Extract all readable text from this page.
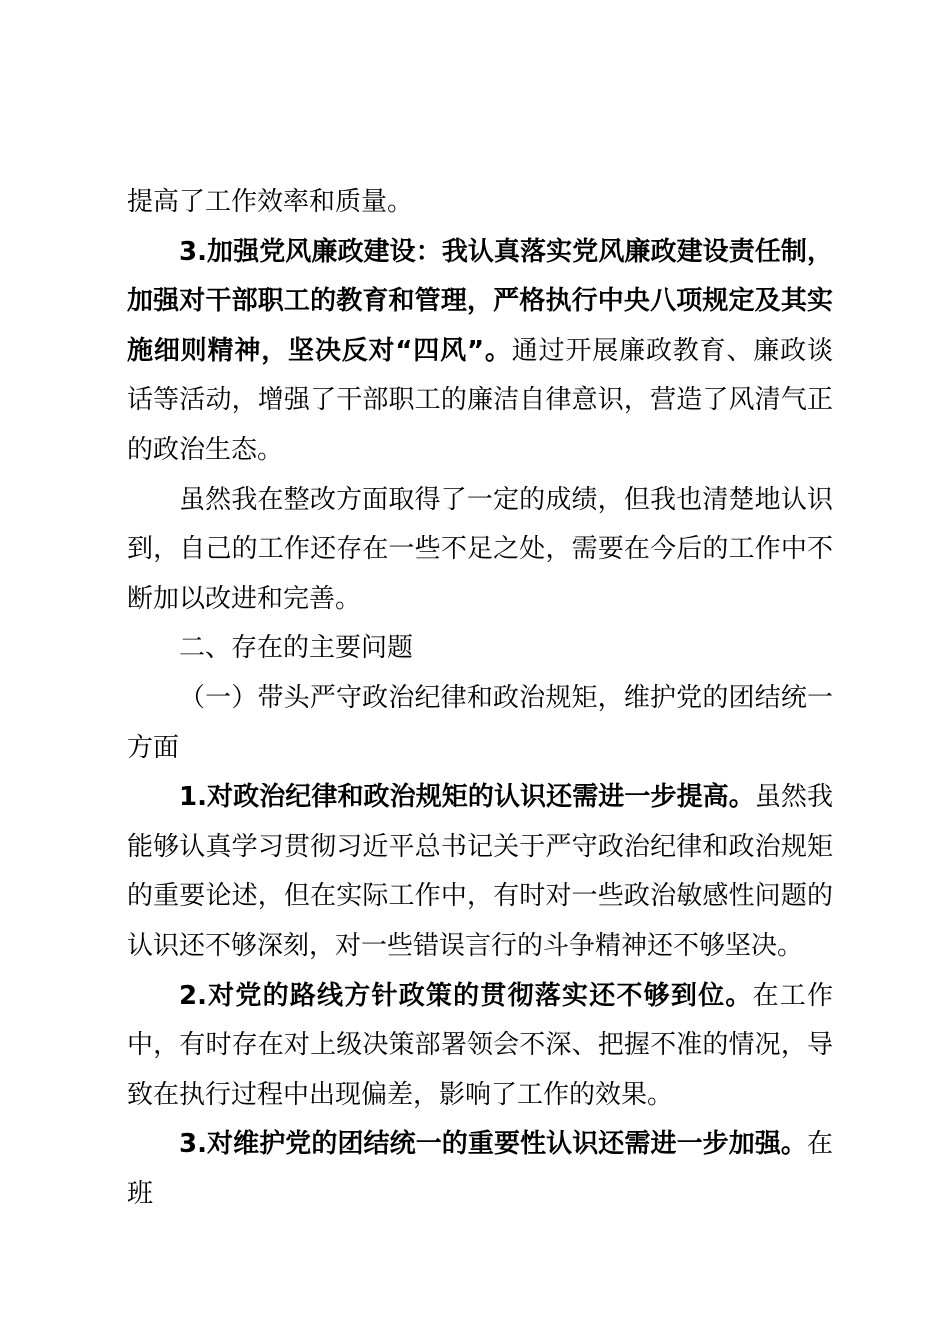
提高了工作效率和质量。

3.加强党风廉政建设：我认真落实党风廉政建设责任制，加强对干部职工的教育和管理，严格执行中央八项规定及其实施细则精神，坚决反对“四风”。通过开展廉政教育、廉政谈话等活动，增强了干部职工的廉洁自律意识，营造了风清气正的政治生态。

虽然我在整改方面取得了一定的成绩，但我也清楚地认识到，自己的工作还存在一些不足之处，需要在今后的工作中不断加以改进和完善。

二、存在的主要问题

（一）带头严守政治纪律和政治规矩，维护党的团结统一方面

1.对政治纪律和政治规矩的认识还需进一步提高。虽然我能够认真学习贯彻习近平总书记关于严守政治纪律和政治规矩的重要论述，但在实际工作中，有时对一些政治敏感性问题的认识还不够深刻，对一些错误言行的斗争精神还不够坚决。

2.对党的路线方针政策的贯彻落实还不够到位。在工作中，有时存在对上级决策部署领会不深、把握不准的情况，导致在执行过程中出现偏差，影响了工作的效果。

3.对维护党的团结统一的重要性认识还需进一步加强。在班
